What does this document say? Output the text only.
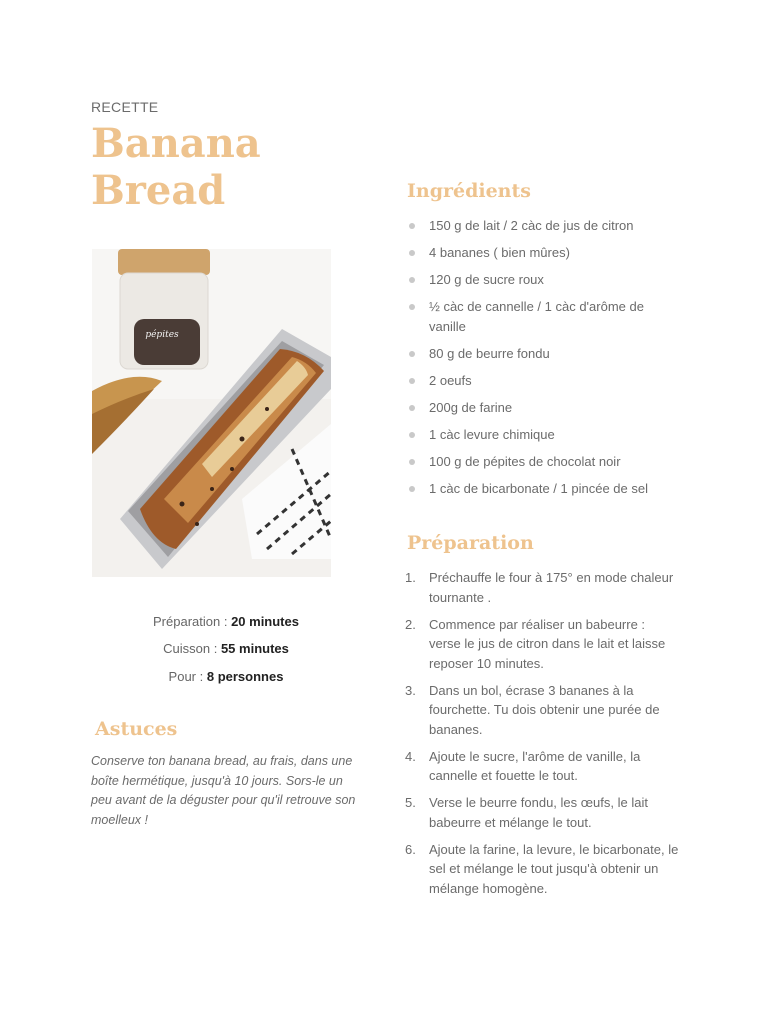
RECETTE
Banana
Bread
pépites
Préparation : 20 minutes
Cuisson : 55 minutes
Pour : 8 personnes
Astuces
Conserve ton banana bread, au frais, dans une boîte hermétique, jusqu'à 10 jours. Sors-le un peu avant de la déguster pour qu'il retrouve son moelleux !
Ingrédients
150 g de lait / 2 càc de jus de citron
4 bananes ( bien mûres)
120 g de sucre roux
½ càc de cannelle / 1 càc d'arôme de vanille
80 g de beurre fondu
2 oeufs
200g de farine
1 càc levure chimique
100 g de pépites de chocolat noir
1 càc de bicarbonate / 1 pincée de sel
Préparation
1. Préchauffe le four à 175° en mode chaleur tournante .
2. Commence par réaliser un babeurre : verse le jus de citron dans le lait et laisse reposer 10 minutes.
3. Dans un bol, écrase 3 bananes à la fourchette. Tu dois obtenir une purée de bananes.
4. Ajoute le sucre, l'arôme de vanille, la cannelle et fouette le tout.
5. Verse le beurre fondu, les œufs, le lait babeurre et mélange le tout.
6. Ajoute la farine, la levure, le bicarbonate, le sel et mélange le tout jusqu'à obtenir un mélange homogène.
